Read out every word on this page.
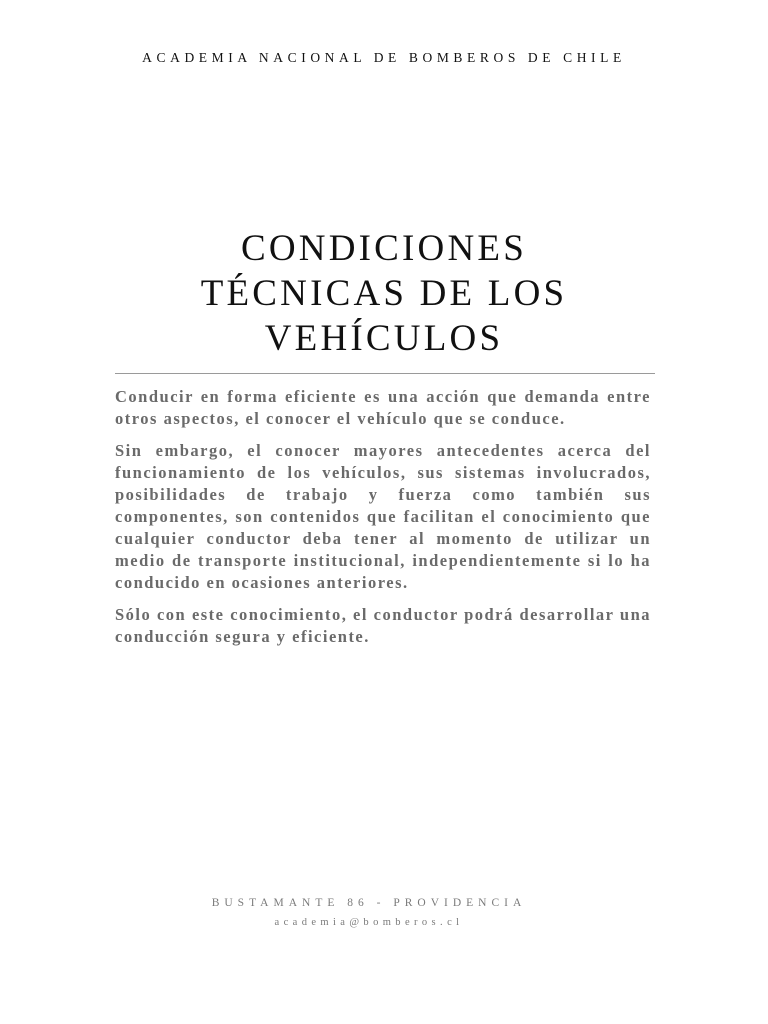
ACADEMIA NACIONAL DE BOMBEROS DE CHILE
CONDICIONES
TÉCNICAS DE LOS
VEHÍCULOS

Conducir en forma eficiente es una acción que demanda entre otros aspectos, el conocer el vehículo que se conduce.

Sin embargo, el conocer mayores antecedentes acerca del funcionamiento de los vehículos, sus sistemas involucrados, posibilidades de trabajo y fuerza como también sus componentes, son contenidos que facilitan el conocimiento que cualquier conductor deba tener al momento de utilizar un medio de transporte institucional, independientemente si lo ha conducido en ocasiones anteriores.

Sólo con este conocimiento, el conductor podrá desarrollar una conducción segura y eficiente.

BUSTAMANTE 86 - PROVIDENCIA
academia@bomberos.cl
